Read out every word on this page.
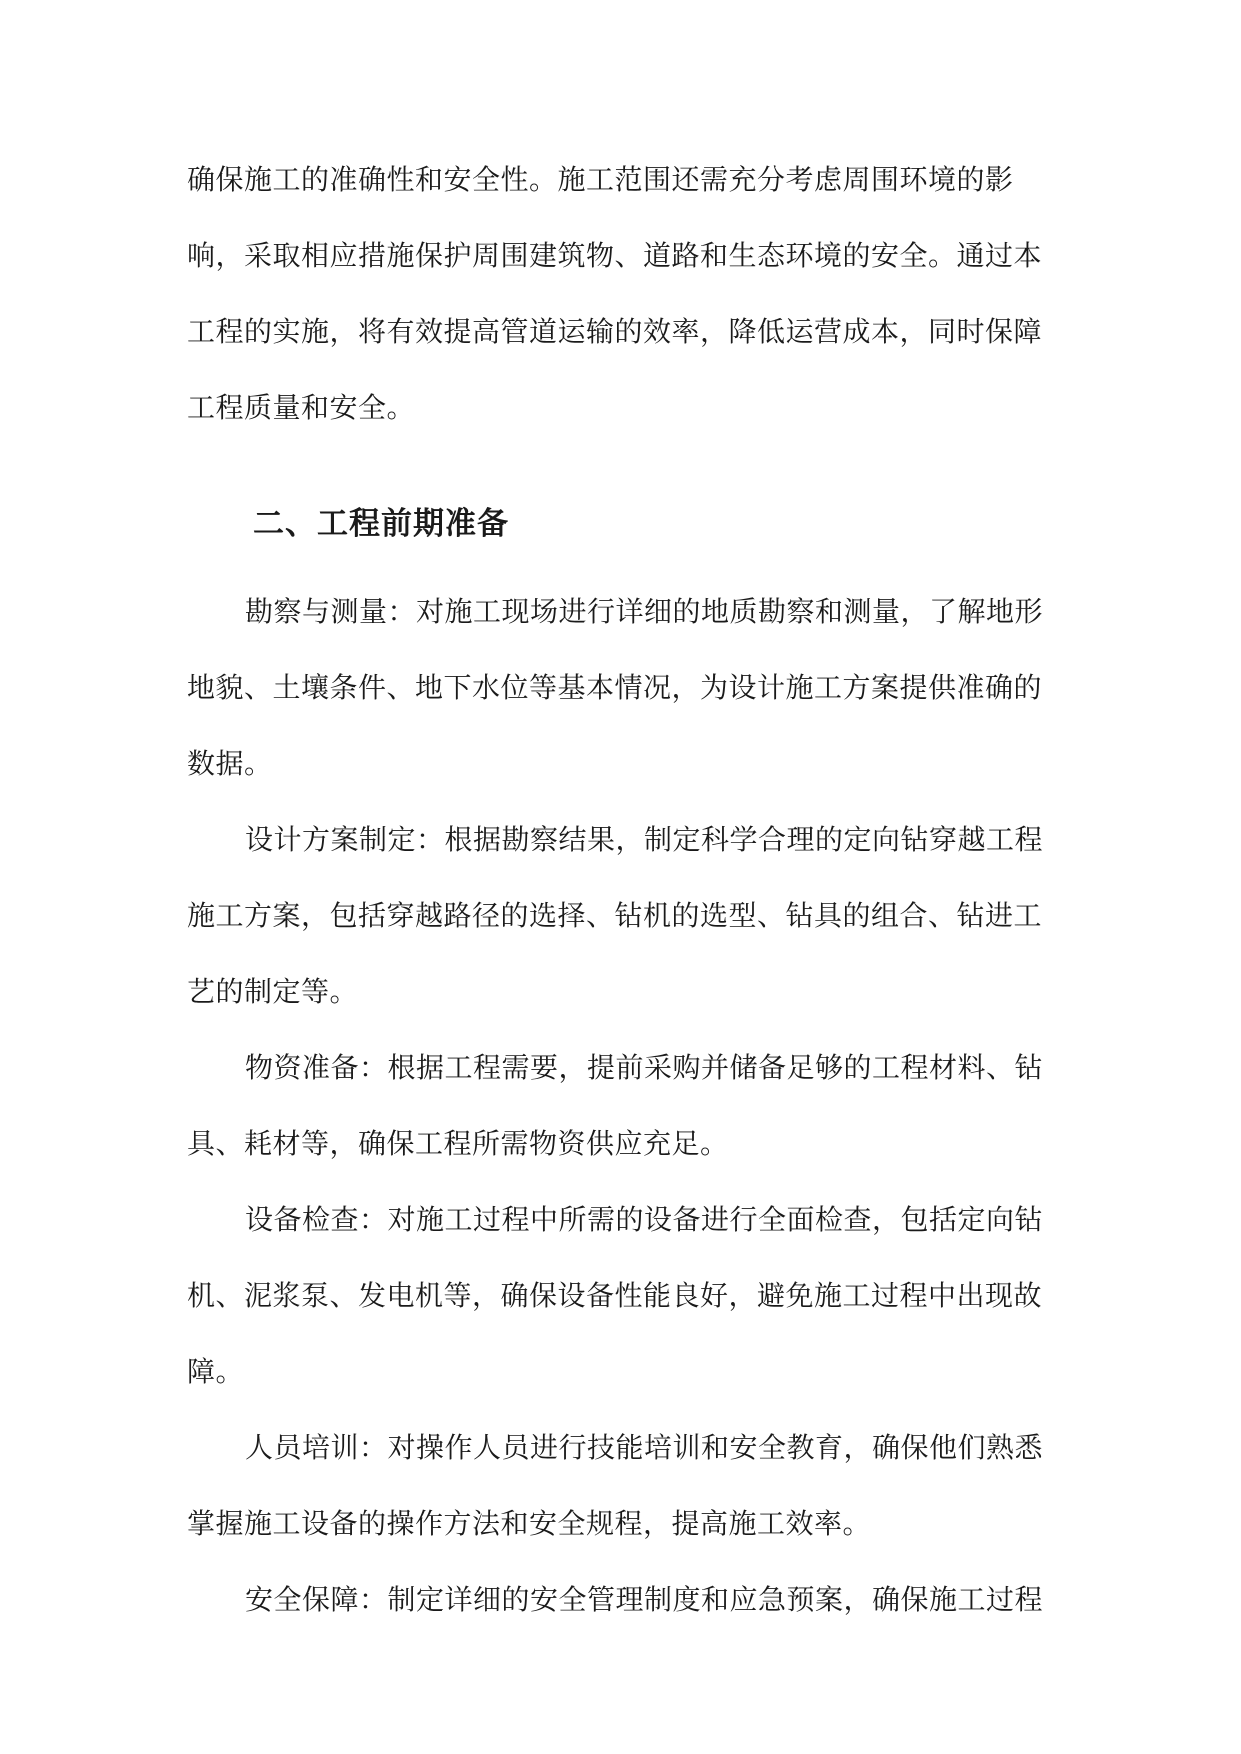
确保施工的准确性和安全性。施工范围还需充分考虑周围环境的影响，采取相应措施保护周围建筑物、道路和生态环境的安全。通过本工程的实施，将有效提高管道运输的效率，降低运营成本，同时保障工程质量和安全。

二、工程前期准备

勘察与测量：对施工现场进行详细的地质勘察和测量，了解地形地貌、土壤条件、地下水位等基本情况，为设计施工方案提供准确的数据。

设计方案制定：根据勘察结果，制定科学合理的定向钻穿越工程施工方案，包括穿越路径的选择、钻机的选型、钻具的组合、钻进工艺的制定等。

物资准备：根据工程需要，提前采购并储备足够的工程材料、钻具、耗材等，确保工程所需物资供应充足。

设备检查：对施工过程中所需的设备进行全面检查，包括定向钻机、泥浆泵、发电机等，确保设备性能良好，避免施工过程中出现故障。

人员培训：对操作人员进行技能培训和安全教育，确保他们熟悉掌握施工设备的操作方法和安全规程，提高施工效率。

安全保障：制定详细的安全管理制度和应急预案，确保施工过程
